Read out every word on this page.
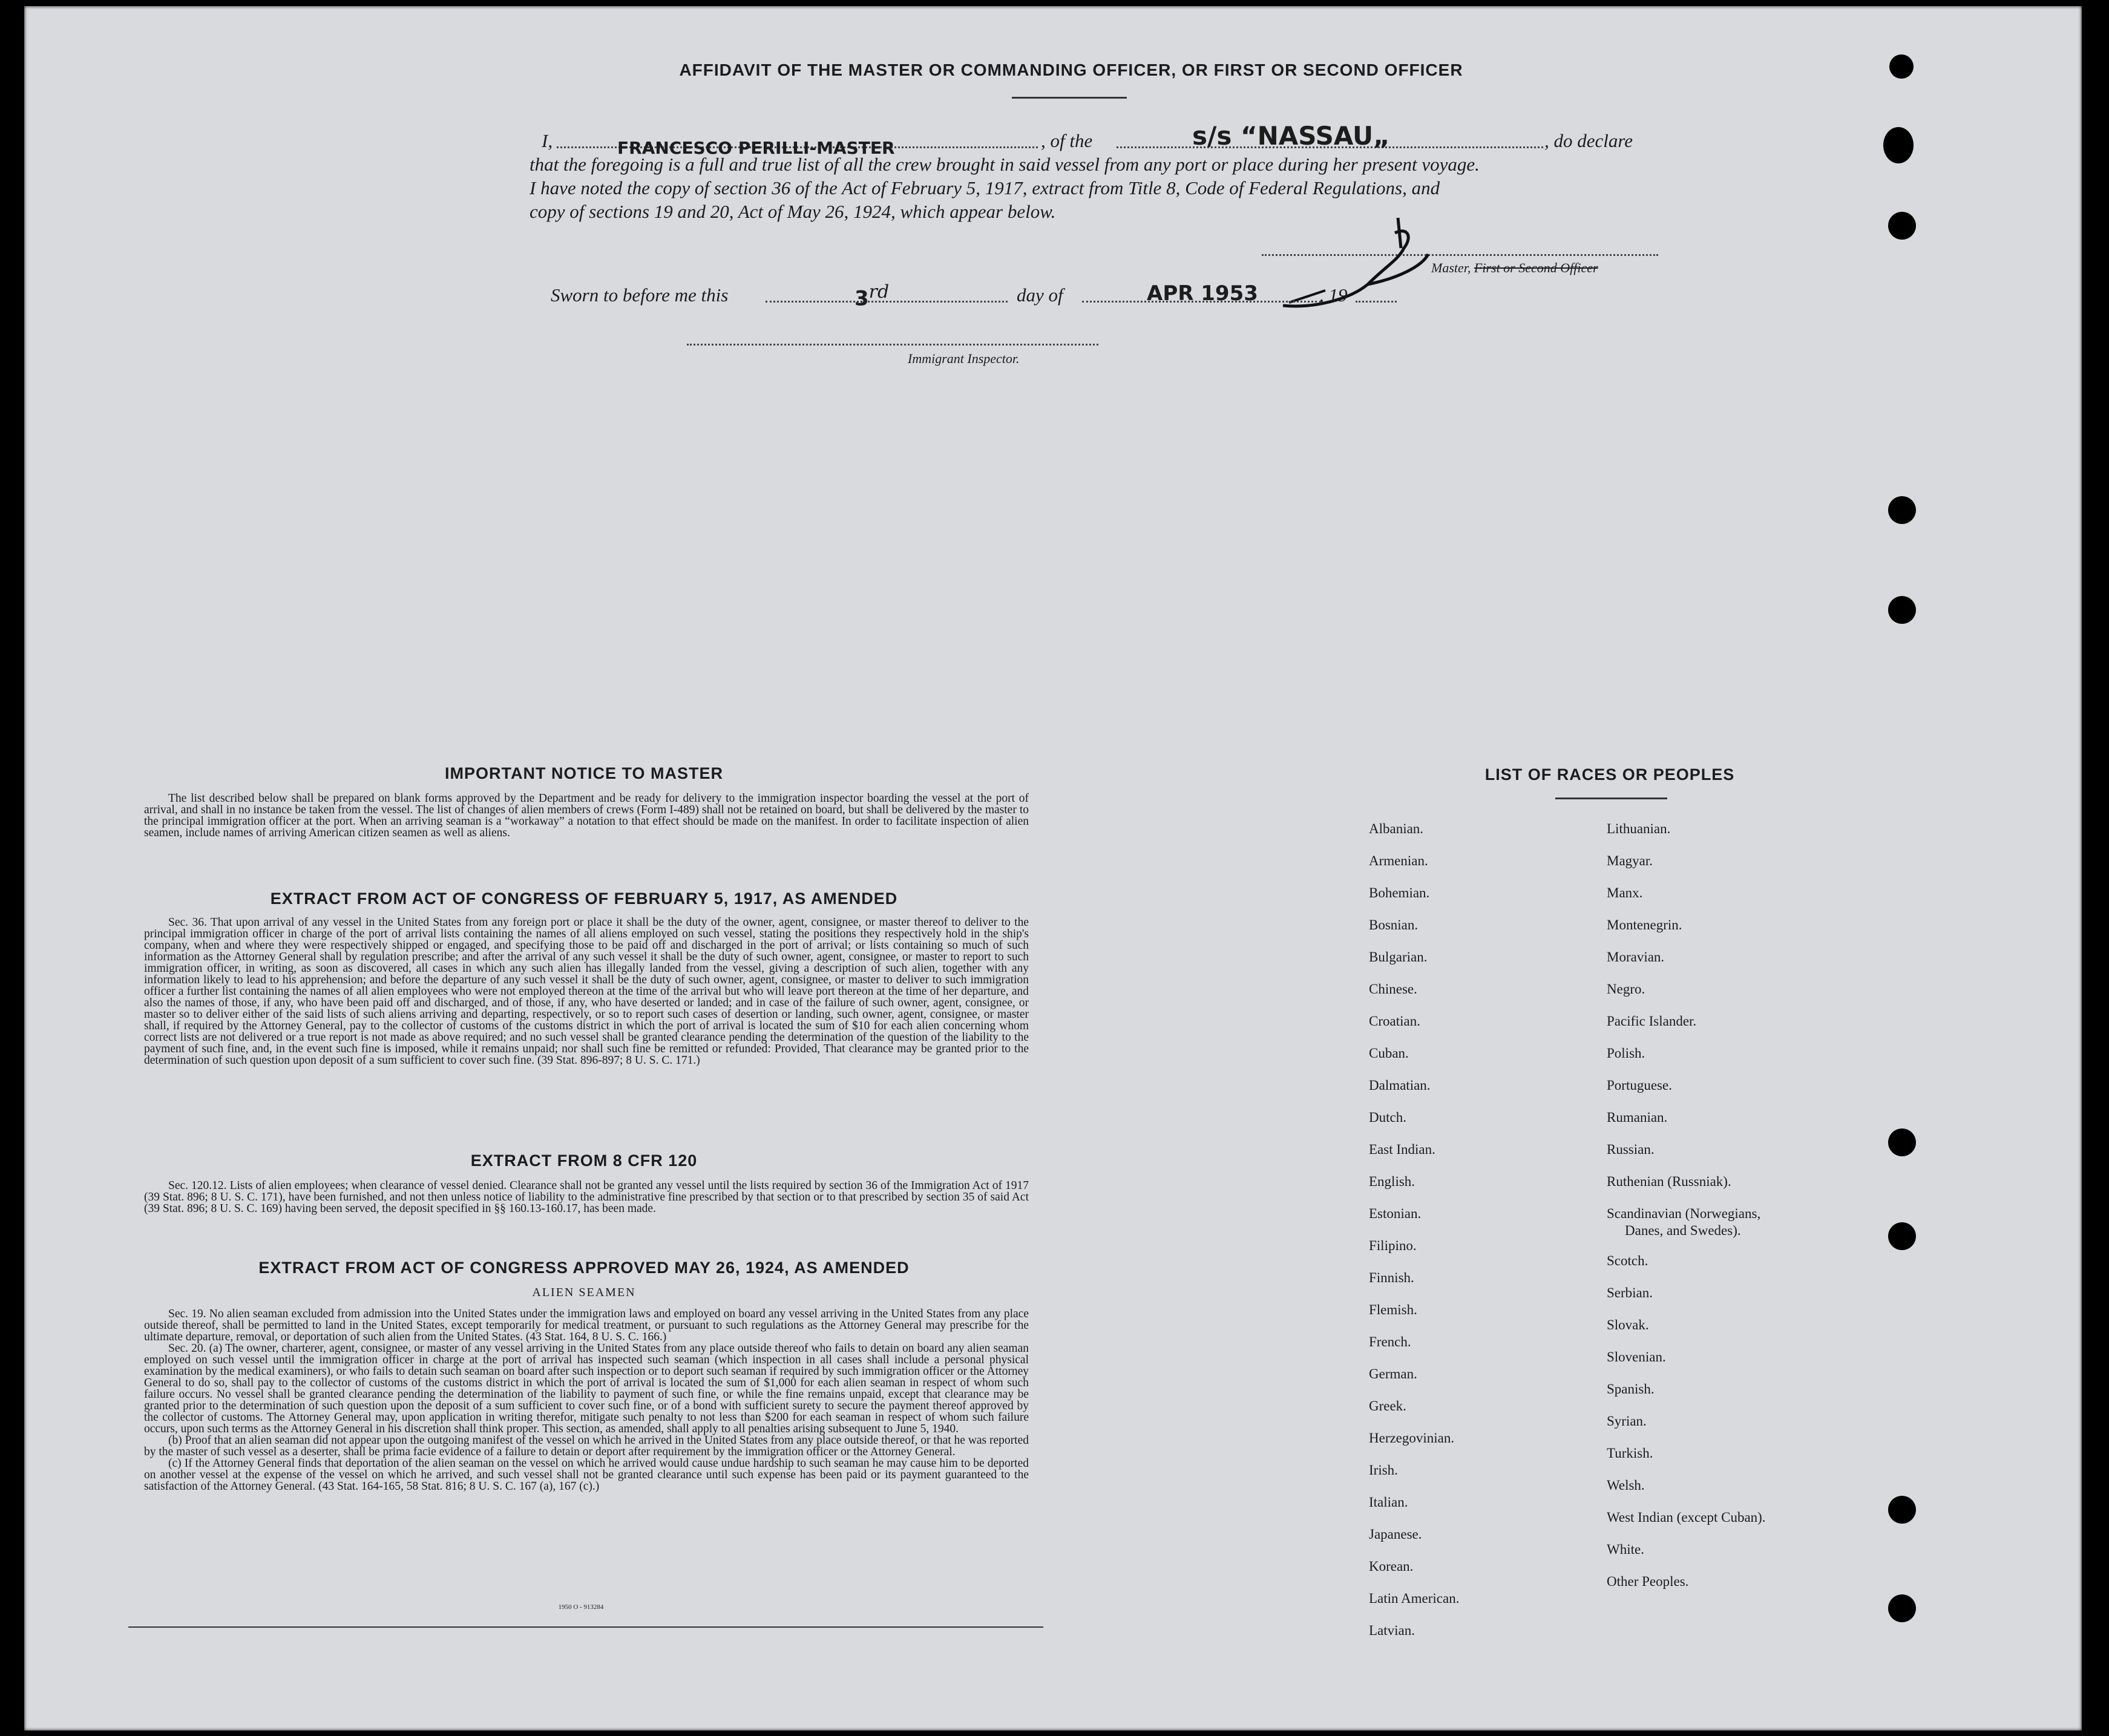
AFFIDAVIT OF THE MASTER OR COMMANDING OFFICER, OR FIRST OR SECOND OFFICER
I,	FRANCESCO PERILLI-MASTER	, of the	s/s “NASSAU„	, do declare
that the foregoing is a full and true list of all the crew brought in said vessel from any port or place during her present voyage.
I have noted the copy of section 36 of the Act of February 5, 1917, extract from Title 8, Code of Federal Regulations, and
copy of sections 19 and 20, Act of May 26, 1924, which appear below.
Master, First or Second Officer
Sworn to before me this	3rd	day of	APR 1953	, 19
Immigrant Inspector.
IMPORTANT NOTICE TO MASTER
The list described below shall be prepared on blank forms approved by the Department and be ready for delivery to the immigration inspector boarding the vessel at the port of arrival, and shall in no instance be taken from the vessel. The list of changes of alien members of crews (Form I-489) shall not be retained on board, but shall be delivered by the master to the principal immigration officer at the port. When an arriving seaman is a “workaway” a notation to that effect should be made on the manifest. In order to facilitate inspection of alien seamen, include names of arriving American citizen seamen as well as aliens.
EXTRACT FROM ACT OF CONGRESS OF FEBRUARY 5, 1917, AS AMENDED
Sec. 36. That upon arrival of any vessel in the United States from any foreign port or place it shall be the duty of the owner, agent, consignee, or master thereof to deliver to the principal immigration officer in charge of the port of arrival lists containing the names of all aliens employed on such vessel, stating the positions they respectively hold in the ship's company, when and where they were respectively shipped or engaged, and specifying those to be paid off and discharged in the port of arrival; or lists containing so much of such information as the Attorney General shall by regulation prescribe; and after the arrival of any such vessel it shall be the duty of such owner, agent, consignee, or master to report to such immigration officer, in writing, as soon as discovered, all cases in which any such alien has illegally landed from the vessel, giving a description of such alien, together with any information likely to lead to his apprehension; and before the departure of any such vessel it shall be the duty of such owner, agent, consignee, or master to deliver to such immigration officer a further list containing the names of all alien employees who were not employed thereon at the time of the arrival but who will leave port thereon at the time of her departure, and also the names of those, if any, who have been paid off and discharged, and of those, if any, who have deserted or landed; and in case of the failure of such owner, agent, consignee, or master so to deliver either of the said lists of such aliens arriving and departing, respectively, or so to report such cases of desertion or landing, such owner, agent, consignee, or master shall, if required by the Attorney General, pay to the collector of customs of the customs district in which the port of arrival is located the sum of $10 for each alien concerning whom correct lists are not delivered or a true report is not made as above required; and no such vessel shall be granted clearance pending the determination of the question of the liability to the payment of such fine, and, in the event such fine is imposed, while it remains unpaid; nor shall such fine be remitted or refunded: Provided, That clearance may be granted prior to the determination of such question upon deposit of a sum sufficient to cover such fine. (39 Stat. 896-897; 8 U. S. C. 171.)
EXTRACT FROM 8 CFR 120
Sec. 120.12. Lists of alien employees; when clearance of vessel denied. Clearance shall not be granted any vessel until the lists required by section 36 of the Immigration Act of 1917 (39 Stat. 896; 8 U. S. C. 171), have been furnished, and not then unless notice of liability to the administrative fine prescribed by that section or to that prescribed by section 35 of said Act (39 Stat. 896; 8 U. S. C. 169) having been served, the deposit specified in §§ 160.13-160.17, has been made.
EXTRACT FROM ACT OF CONGRESS APPROVED MAY 26, 1924, AS AMENDED
ALIEN SEAMEN
Sec. 19. No alien seaman excluded from admission into the United States under the immigration laws and employed on board any vessel arriving in the United States from any place outside thereof, shall be permitted to land in the United States, except temporarily for medical treatment, or pursuant to such regulations as the Attorney General may prescribe for the ultimate departure, removal, or deportation of such alien from the United States. (43 Stat. 164, 8 U. S. C. 166.)
Sec. 20. (a) The owner, charterer, agent, consignee, or master of any vessel arriving in the United States from any place outside thereof who fails to detain on board any alien seaman employed on such vessel until the immigration officer in charge at the port of arrival has inspected such seaman (which inspection in all cases shall include a personal physical examination by the medical examiners), or who fails to detain such seaman on board after such inspection or to deport such seaman if required by such immigration officer or the Attorney General to do so, shall pay to the collector of customs of the customs district in which the port of arrival is located the sum of $1,000 for each alien seaman in respect of whom such failure occurs. No vessel shall be granted clearance pending the determination of the liability to payment of such fine, or while the fine remains unpaid, except that clearance may be granted prior to the determination of such question upon the deposit of a sum sufficient to cover such fine, or of a bond with sufficient surety to secure the payment thereof approved by the collector of customs. The Attorney General may, upon application in writing therefor, mitigate such penalty to not less than $200 for each seaman in respect of whom such failure occurs, upon such terms as the Attorney General in his discretion shall think proper. This section, as amended, shall apply to all penalties arising subsequent to June 5, 1940.
(b) Proof that an alien seaman did not appear upon the outgoing manifest of the vessel on which he arrived in the United States from any place outside thereof, or that he was reported by the master of such vessel as a deserter, shall be prima facie evidence of a failure to detain or deport after requirement by the immigration officer or the Attorney General.
(c) If the Attorney General finds that deportation of the alien seaman on the vessel on which he arrived would cause undue hardship to such seaman he may cause him to be deported on another vessel at the expense of the vessel on which he arrived, and such vessel shall not be granted clearance until such expense has been paid or its payment guaranteed to the satisfaction of the Attorney General. (43 Stat. 164-165, 58 Stat. 816; 8 U. S. C. 167 (a), 167 (c).)
1950 O - 913284
LIST OF RACES OR PEOPLES
Albanian.
Armenian.
Bohemian.
Bosnian.
Bulgarian.
Chinese.
Croatian.
Cuban.
Dalmatian.
Dutch.
East Indian.
English.
Estonian.
Filipino.
Finnish.
Flemish.
French.
German.
Greek.
Herzegovinian.
Irish.
Italian.
Japanese.
Korean.
Latin American.
Latvian.
Lithuanian.
Magyar.
Manx.
Montenegrin.
Moravian.
Negro.
Pacific Islander.
Polish.
Portuguese.
Rumanian.
Russian.
Ruthenian (Russniak).
Scandinavian (Norwegians,
Danes, and Swedes).
Scotch.
Serbian.
Slovak.
Slovenian.
Spanish.
Syrian.
Turkish.
Welsh.
West Indian (except Cuban).
White.
Other Peoples.
